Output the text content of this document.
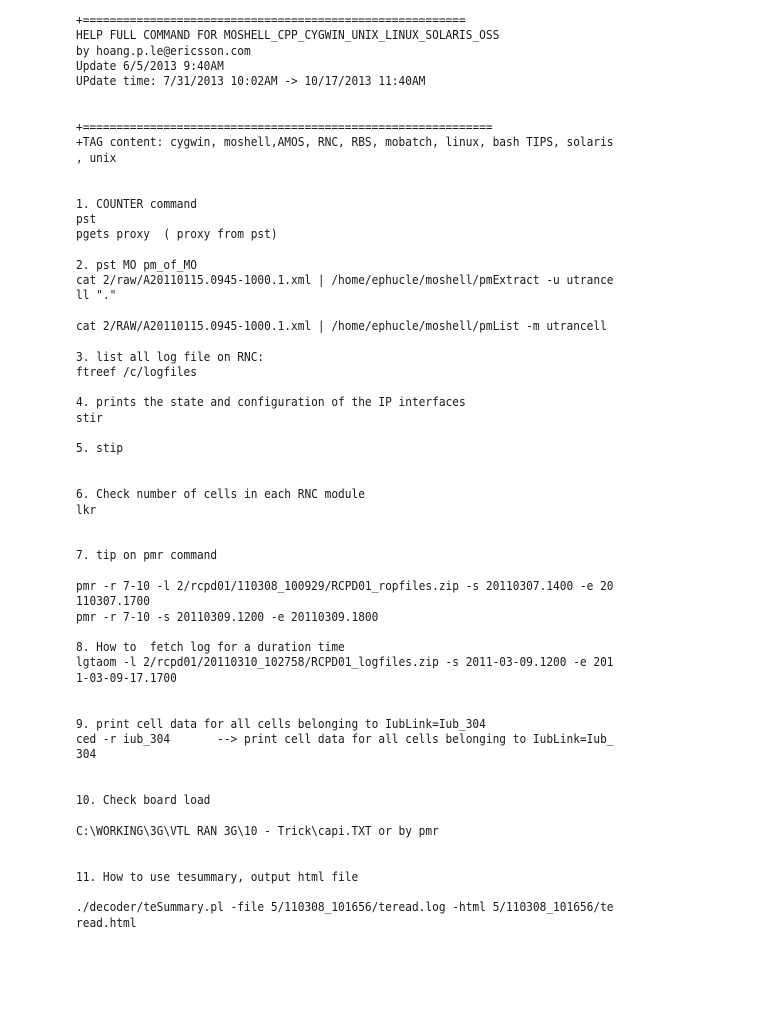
+=========================================================
HELP FULL COMMAND FOR MOSHELL_CPP_CYGWIN_UNIX_LINUX_SOLARIS_OSS
by hoang.p.le@ericsson.com
Update 6/5/2013 9:40AM
UPdate time: 7/31/2013 10:02AM -> 10/17/2013 11:40AM
+=============================================================
+TAG content: cygwin, moshell,AMOS, RNC, RBS, mobatch, linux, bash TIPS, solaris
, unix
1. COUNTER command
pst
pgets proxy  ( proxy from pst)
2. pst MO pm_of_MO
cat 2/raw/A20110115.0945-1000.1.xml | /home/ephucle/moshell/pmExtract -u utrance
ll "."
cat 2/RAW/A20110115.0945-1000.1.xml | /home/ephucle/moshell/pmList -m utrancell
3. list all log file on RNC:
ftreef /c/logfiles
4. prints the state and configuration of the IP interfaces
stir
5. stip
6. Check number of cells in each RNC module
lkr
7. tip on pmr command
pmr -r 7-10 -l 2/rcpd01/110308_100929/RCPD01_ropfiles.zip -s 20110307.1400 -e 20
110307.1700
pmr -r 7-10 -s 20110309.1200 -e 20110309.1800
8. How to  fetch log for a duration time
lgtaom -l 2/rcpd01/20110310_102758/RCPD01_logfiles.zip -s 2011-03-09.1200 -e 201
1-03-09-17.1700
9. print cell data for all cells belonging to IubLink=Iub_304
ced -r iub_304       --> print cell data for all cells belonging to IubLink=Iub_
304
10. Check board load
C:\WORKING\3G\VTL RAN 3G\10 - Trick\capi.TXT or by pmr
11. How to use tesummary, output html file
./decoder/teSummary.pl -file 5/110308_101656/teread.log -html 5/110308_101656/te
read.html
